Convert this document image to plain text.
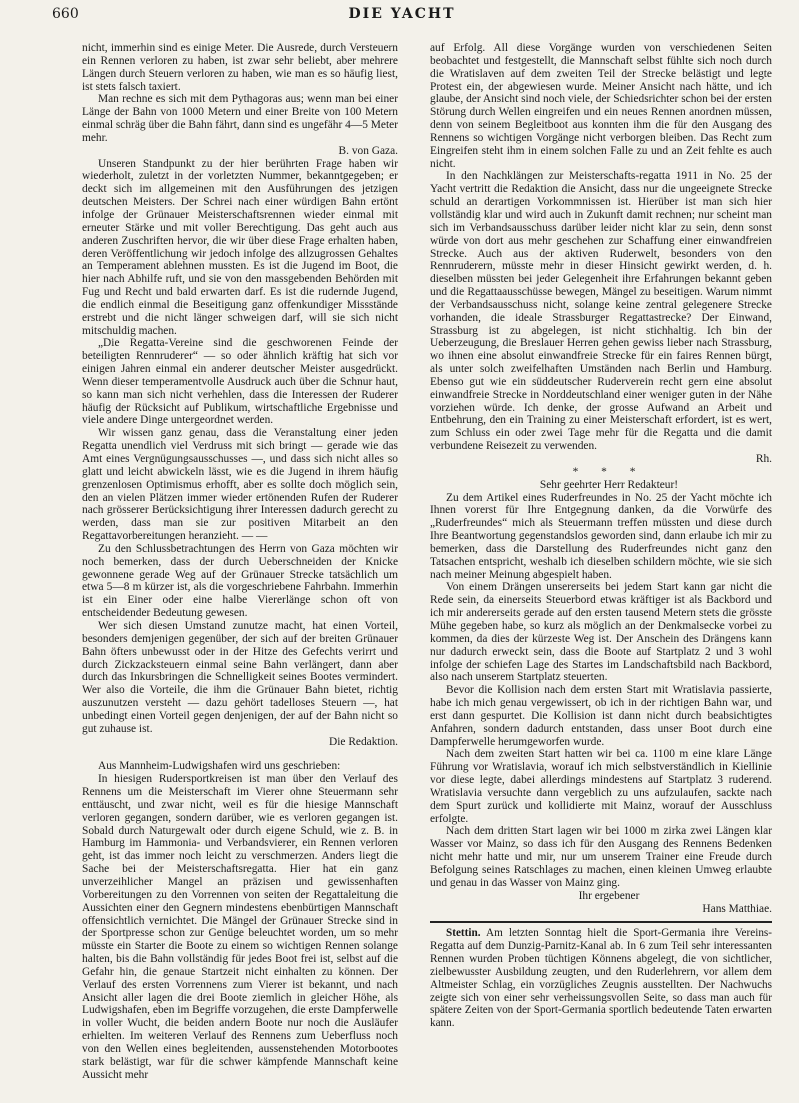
660	DIE YACHT

nicht, immerhin sind es einige Meter. Die Ausrede, durch Versteuern ein Rennen verloren zu haben, ist zwar sehr beliebt, aber mehrere Längen durch Steuern verloren zu haben, wie man es so häufig liest, ist stets falsch taxiert.

Man rechne es sich mit dem Pythagoras aus; wenn man bei einer Länge der Bahn von 1000 Metern und einer Breite von 100 Metern einmal schräg über die Bahn fährt, dann sind es ungefähr 4—5 Meter mehr.

B. von Gaza.

Unseren Standpunkt zu der hier berührten Frage haben wir wiederholt, zuletzt in der vorletzten Nummer, bekanntgegeben; er deckt sich im allgemeinen mit den Ausführungen des jetzigen deutschen Meisters. Der Schrei nach einer würdigen Bahn ertönt infolge der Grünauer Meisterschaftsrennen wieder einmal mit erneuter Stärke und mit voller Berechtigung. Das geht auch aus anderen Zuschriften hervor, die wir über diese Frage erhalten haben, deren Veröffentlichung wir jedoch infolge des allzugrossen Gehaltes an Temperament ablehnen mussten. Es ist die Jugend im Boot, die hier nach Abhilfe ruft, und sie von den massgebenden Behörden mit Fug und Recht und bald erwarten darf. Es ist die rudernde Jugend, die endlich einmal die Beseitigung ganz offenkundiger Missstände erstrebt und die nicht länger schweigen darf, will sie sich nicht mitschuldig machen.

„Die Regatta-Vereine sind die geschworenen Feinde der beteiligten Rennruderer“ — so oder ähnlich kräftig hat sich vor einigen Jahren einmal ein anderer deutscher Meister ausgedrückt. Wenn dieser temperamentvolle Ausdruck auch über die Schnur haut, so kann man sich nicht verhehlen, dass die Interessen der Ruderer häufig der Rücksicht auf Publikum, wirtschaftliche Ergebnisse und viele andere Dinge untergeordnet werden.

Wir wissen ganz genau, dass die Veranstaltung einer jeden Regatta unendlich viel Verdruss mit sich bringt — gerade wie das Amt eines Vergnügungsausschusses —, und dass sich nicht alles so glatt und leicht abwickeln lässt, wie es die Jugend in ihrem häufig grenzenlosen Optimismus erhofft, aber es sollte doch möglich sein, den an vielen Plätzen immer wieder ertönenden Rufen der Ruderer nach grösserer Berücksichtigung ihrer Interessen dadurch gerecht zu werden, dass man sie zur positiven Mitarbeit an den Regattavorbereitungen heranzieht. — —

Zu den Schlussbetrachtungen des Herrn von Gaza möchten wir noch bemerken, dass der durch Ueberschneiden der Knicke gewonnene gerade Weg auf der Grünauer Strecke tatsächlich um etwa 5—8 m kürzer ist, als die vorgeschriebene Fahrbahn. Immerhin ist ein Einer oder eine halbe Viererlänge schon oft von entscheidender Bedeutung gewesen.

Wer sich diesen Umstand zunutze macht, hat einen Vorteil, besonders demjenigen gegenüber, der sich auf der breiten Grünauer Bahn öfters unbewusst oder in der Hitze des Gefechts verirrt und durch Zickzacksteuern einmal seine Bahn verlängert, dann aber durch das Inkursbringen die Schnelligkeit seines Bootes vermindert. Wer also die Vorteile, die ihm die Grünauer Bahn bietet, richtig auszunutzen versteht — dazu gehört tadelloses Steuern —, hat unbedingt einen Vorteil gegen denjenigen, der auf der Bahn nicht so gut zuhause ist.

Die Redaktion.

Aus Mannheim-Ludwigshafen wird uns geschrieben:

In hiesigen Rudersportkreisen ist man über den Verlauf des Rennens um die Meisterschaft im Vierer ohne Steuermann sehr enttäuscht, und zwar nicht, weil es für die hiesige Mannschaft verloren gegangen, sondern darüber, wie es verloren gegangen ist. Sobald durch Naturgewalt oder durch eigene Schuld, wie z. B. in Hamburg im Hammonia- und Verbandsvierer, ein Rennen verloren geht, ist das immer noch leicht zu verschmerzen. Anders liegt die Sache bei der Meisterschaftsregatta. Hier hat ein ganz unverzeihlicher Mangel an präzisen und gewissenhaften Vorbereitungen zu den Vorrennen von seiten der Regattaleitung die Aussichten einer den Gegnern mindestens ebenbürtigen Mannschaft offensichtlich vernichtet. Die Mängel der Grünauer Strecke sind in der Sportpresse schon zur Genüge beleuchtet worden, um so mehr müsste ein Starter die Boote zu einem so wichtigen Rennen solange halten, bis die Bahn vollständig für jedes Boot frei ist, selbst auf die Gefahr hin, die genaue Startzeit nicht einhalten zu können. Der Verlauf des ersten Vorrennens zum Vierer ist bekannt, und nach Ansicht aller lagen die drei Boote ziemlich in gleicher Höhe, als Ludwigshafen, eben im Begriffe vorzugehen, die erste Dampferwelle in voller Wucht, die beiden andern Boote nur noch die Ausläufer erhielten. Im weiteren Verlauf des Rennens zum Ueberfluss noch von den Wellen eines begleitenden, aussenstehenden Motorbootes stark belästigt, war für die schwer kämpfende Mannschaft keine Aussicht mehr

auf Erfolg. All diese Vorgänge wurden von verschiedenen Seiten beobachtet und festgestellt, die Mannschaft selbst fühlte sich noch durch die Wratislaven auf dem zweiten Teil der Strecke belästigt und legte Protest ein, der abgewiesen wurde. Meiner Ansicht nach hätte, und ich glaube, der Ansicht sind noch viele, der Schiedsrichter schon bei der ersten Störung durch Wellen eingreifen und ein neues Rennen anordnen müssen, denn von seinem Begleitboot aus konnten ihm die für den Ausgang des Rennens so wichtigen Vorgänge nicht verborgen bleiben. Das Recht zum Eingreifen steht ihm in einem solchen Falle zu und an Zeit fehlte es auch nicht.

In den Nachklängen zur Meisterschafts-regatta 1911 in No. 25 der Yacht vertritt die Redaktion die Ansicht, dass nur die ungeeignete Strecke schuld an derartigen Vorkommnissen ist. Hierüber ist man sich hier vollständig klar und wird auch in Zukunft damit rechnen; nur scheint man sich im Verbandsausschuss darüber leider nicht klar zu sein, denn sonst würde von dort aus mehr geschehen zur Schaffung einer einwandfreien Strecke. Auch aus der aktiven Ruderwelt, besonders von den Rennruderern, müsste mehr in dieser Hinsicht gewirkt werden, d. h. dieselben müssten bei jeder Gelegenheit ihre Erfahrungen bekannt geben und die Regattaausschüsse bewegen, Mängel zu beseitigen. Warum nimmt der Verbandsausschuss nicht, solange keine zentral gelegenere Strecke vorhanden, die ideale Strassburger Regattastrecke? Der Einwand, Strassburg ist zu abgelegen, ist nicht stichhaltig. Ich bin der Ueberzeugung, die Breslauer Herren gehen gewiss lieber nach Strassburg, wo ihnen eine absolut einwandfreie Strecke für ein faires Rennen bürgt, als unter solch zweifelhaften Umständen nach Berlin und Hamburg. Ebenso gut wie ein süddeutscher Ruderverein recht gern eine absolut einwandfreie Strecke in Norddeutschland einer weniger guten in der Nähe vorziehen würde. Ich denke, der grosse Aufwand an Arbeit und Entbehrung, den ein Training zu einer Meisterschaft erfordert, ist es wert, zum Schluss ein oder zwei Tage mehr für die Regatta und die damit verbundene Reisezeit zu verwenden.

Rh.

* * *

Sehr geehrter Herr Redakteur!

Zu dem Artikel eines Ruderfreundes in No. 25 der Yacht möchte ich Ihnen vorerst für Ihre Entgegnung danken, da die Vorwürfe des „Ruderfreundes“ mich als Steuermann treffen müssten und diese durch Ihre Beantwortung gegenstandslos geworden sind, dann erlaube ich mir zu bemerken, dass die Darstellung des Ruderfreundes nicht ganz den Tatsachen entspricht, weshalb ich dieselben schildern möchte, wie sie sich nach meiner Meinung abgespielt haben.

Von einem Drängen unsererseits bei jedem Start kann gar nicht die Rede sein, da einerseits Steuerbord etwas kräftiger ist als Backbord und ich mir andererseits gerade auf den ersten tausend Metern stets die grösste Mühe gegeben habe, so kurz als möglich an der Denkmalsecke vorbei zu kommen, da dies der kürzeste Weg ist. Der Anschein des Drängens kann nur dadurch erweckt sein, dass die Boote auf Startplatz 2 und 3 wohl infolge der schiefen Lage des Startes im Landschaftsbild nach Backbord, also nach unserem Startplatz steuerten.

Bevor die Kollision nach dem ersten Start mit Wratislavia passierte, habe ich mich genau vergewissert, ob ich in der richtigen Bahn war, und erst dann gespurtet. Die Kollision ist dann nicht durch beabsichtigtes Anfahren, sondern dadurch entstanden, dass unser Boot durch eine Dampferwelle herumgeworfen wurde.

Nach dem zweiten Start hatten wir bei ca. 1100 m eine klare Länge Führung vor Wratislavia, worauf ich mich selbstverständlich in Kiellinie vor diese legte, dabei allerdings mindestens auf Startplatz 3 ruderend. Wratislavia versuchte dann vergeblich zu uns aufzulaufen, sackte nach dem Spurt zurück und kollidierte mit Mainz, worauf der Ausschluss erfolgte.

Nach dem dritten Start lagen wir bei 1000 m zirka zwei Längen klar Wasser vor Mainz, so dass ich für den Ausgang des Rennens Bedenken nicht mehr hatte und mir, nur um unserem Trainer eine Freude durch Befolgung seines Ratschlages zu machen, einen kleinen Umweg erlaubte und genau in das Wasser von Mainz ging.

Ihr ergebener

Hans Matthiae.

Stettin. Am letzten Sonntag hielt die Sport-Germania ihre Vereins-Regatta auf dem Dunzig-Parnitz-Kanal ab. In 6 zum Teil sehr interessanten Rennen wurden Proben tüchtigen Könnens abgelegt, die von sichtlicher, zielbewusster Ausbildung zeugten, und den Ruderlehrern, vor allem dem Altmeister Schlag, ein vorzügliches Zeugnis ausstellten. Der Nachwuchs zeigte sich von einer sehr verheissungsvollen Seite, so dass man auch für spätere Zeiten von der Sport-Germania sportlich bedeutende Taten erwarten kann.
